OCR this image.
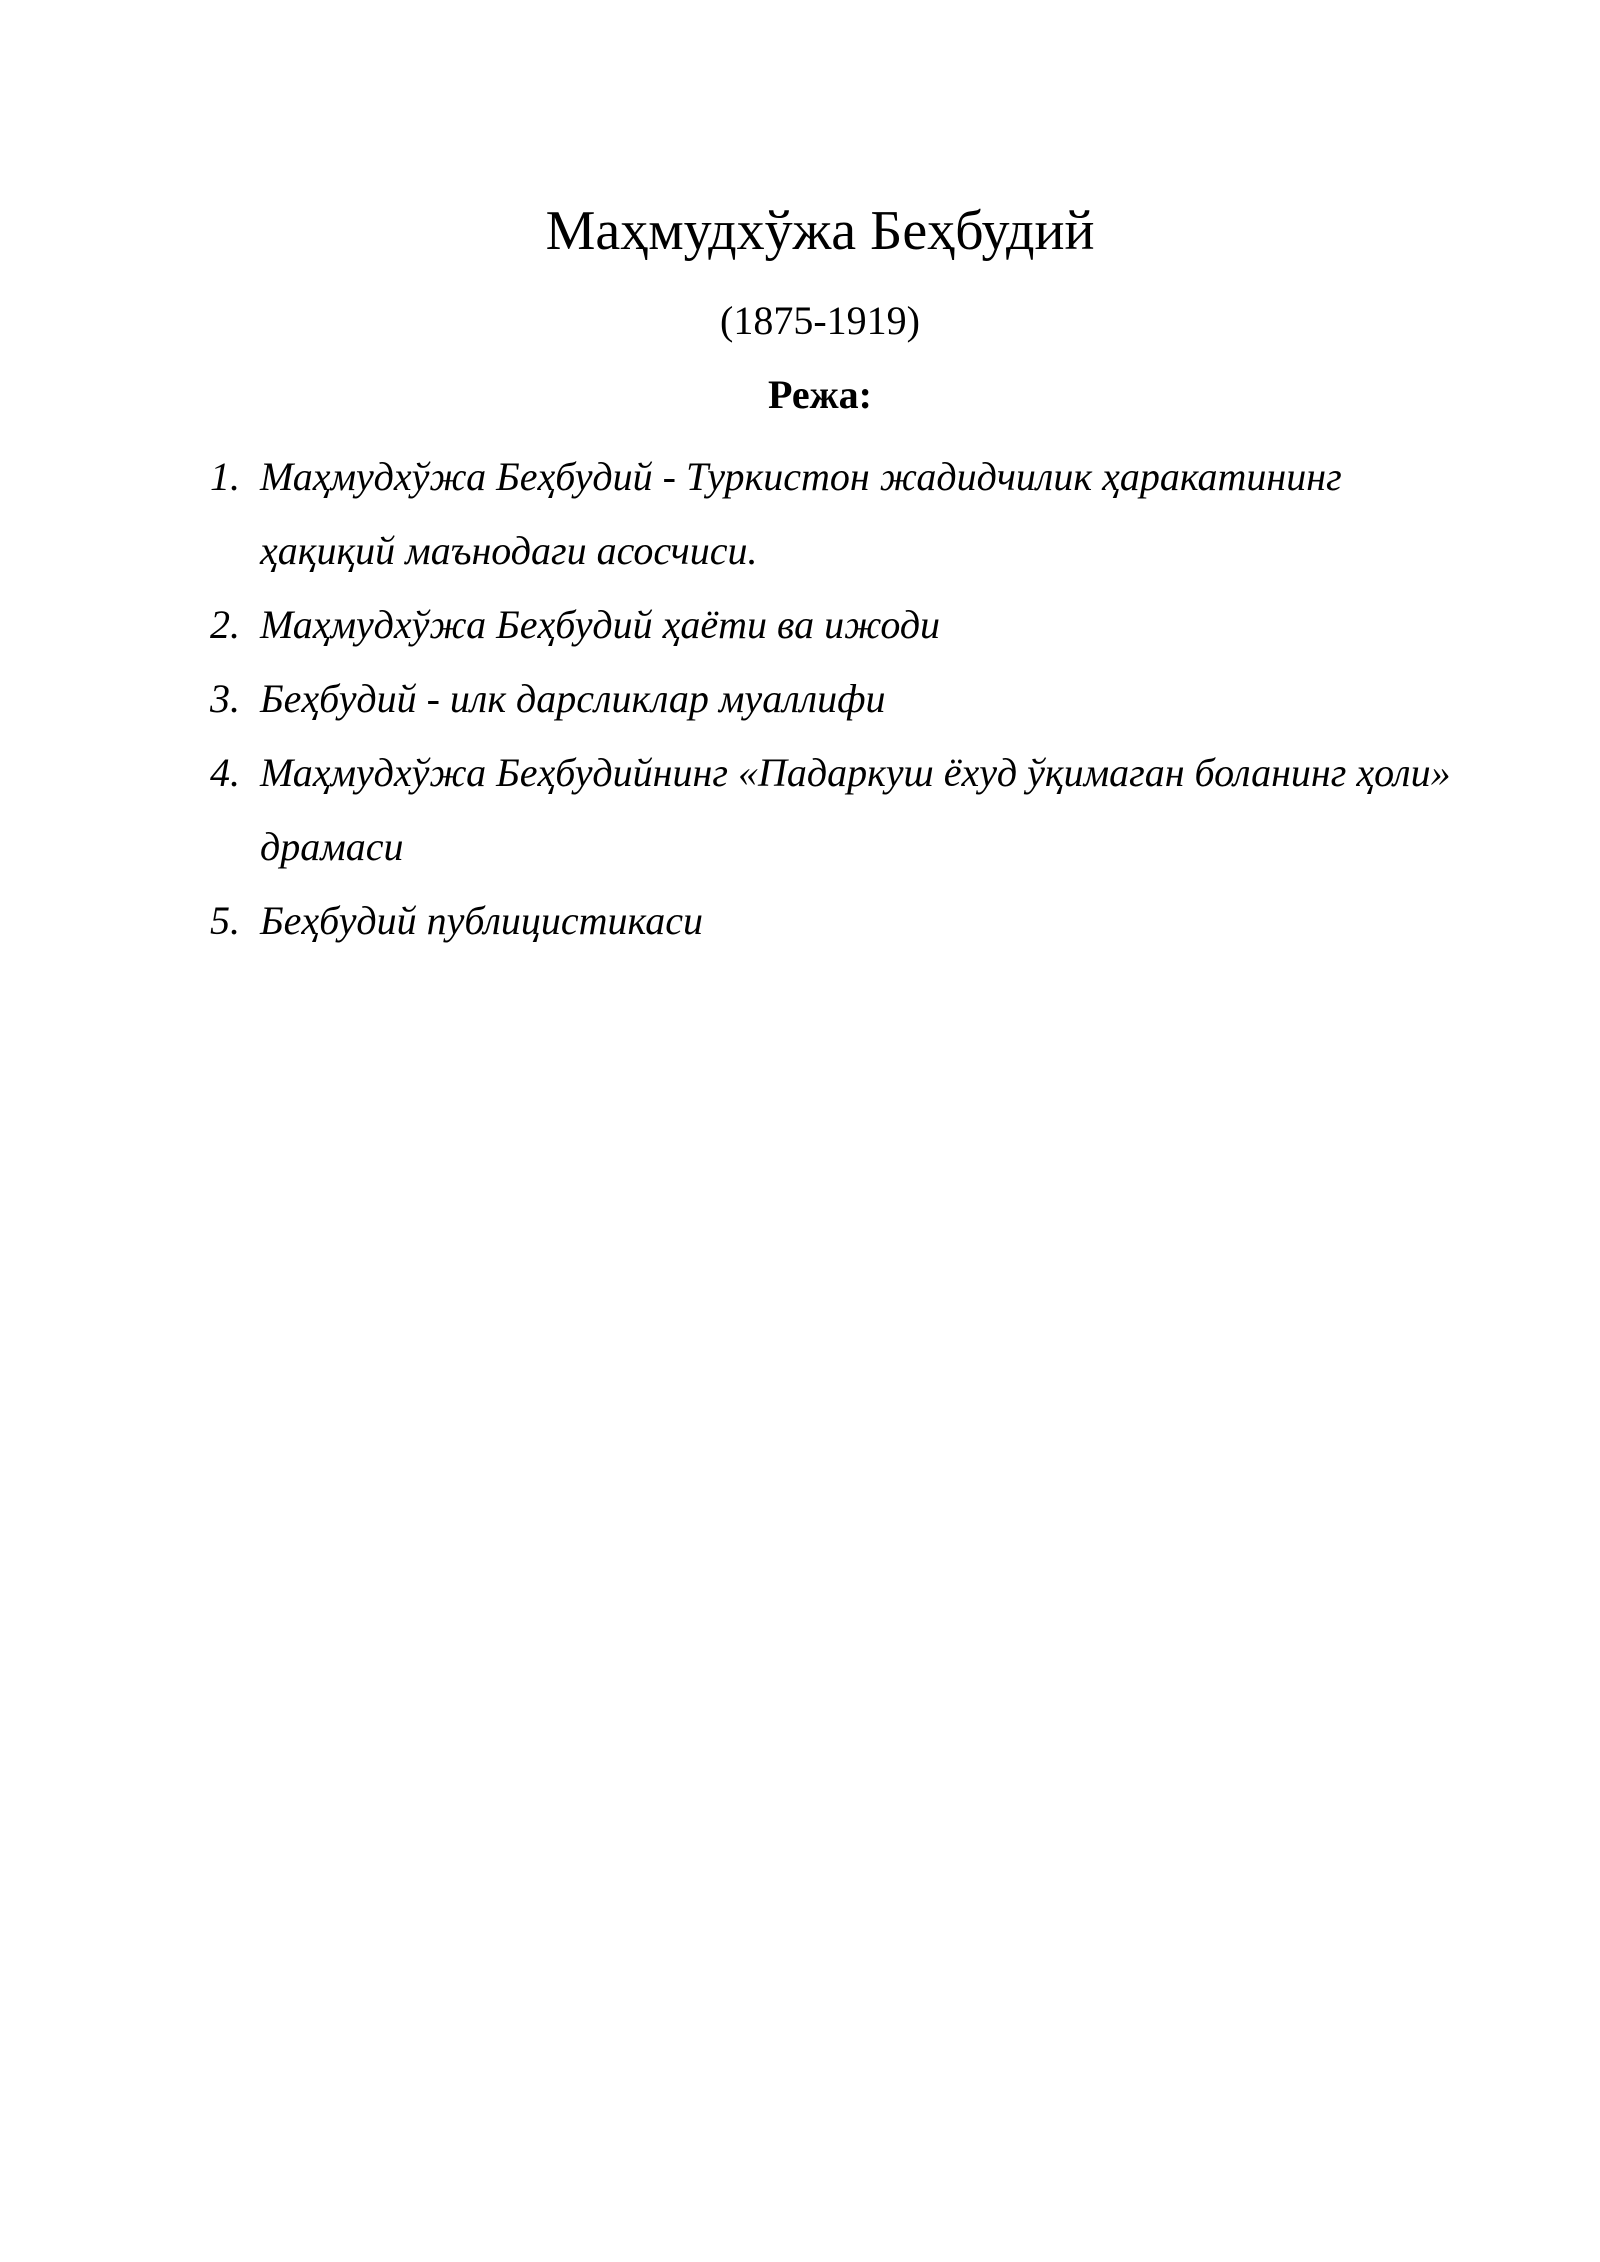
Маҳмудхўжа Беҳбудий
(1875-1919)
Режа:
1. Маҳмудхўжа Беҳбудий - Туркистон жадидчилик ҳаракатининг ҳақиқий маънодаги асосчиси.
2. Маҳмудхўжа Беҳбудий ҳаёти ва ижоди
3. Беҳбудий - илк дарсликлар муаллифи
4. Маҳмудхўжа Беҳбудийнинг «Падаркуш ёхуд ўқимаган боланинг ҳоли» драмаси
5. Беҳбудий публицистикаси
